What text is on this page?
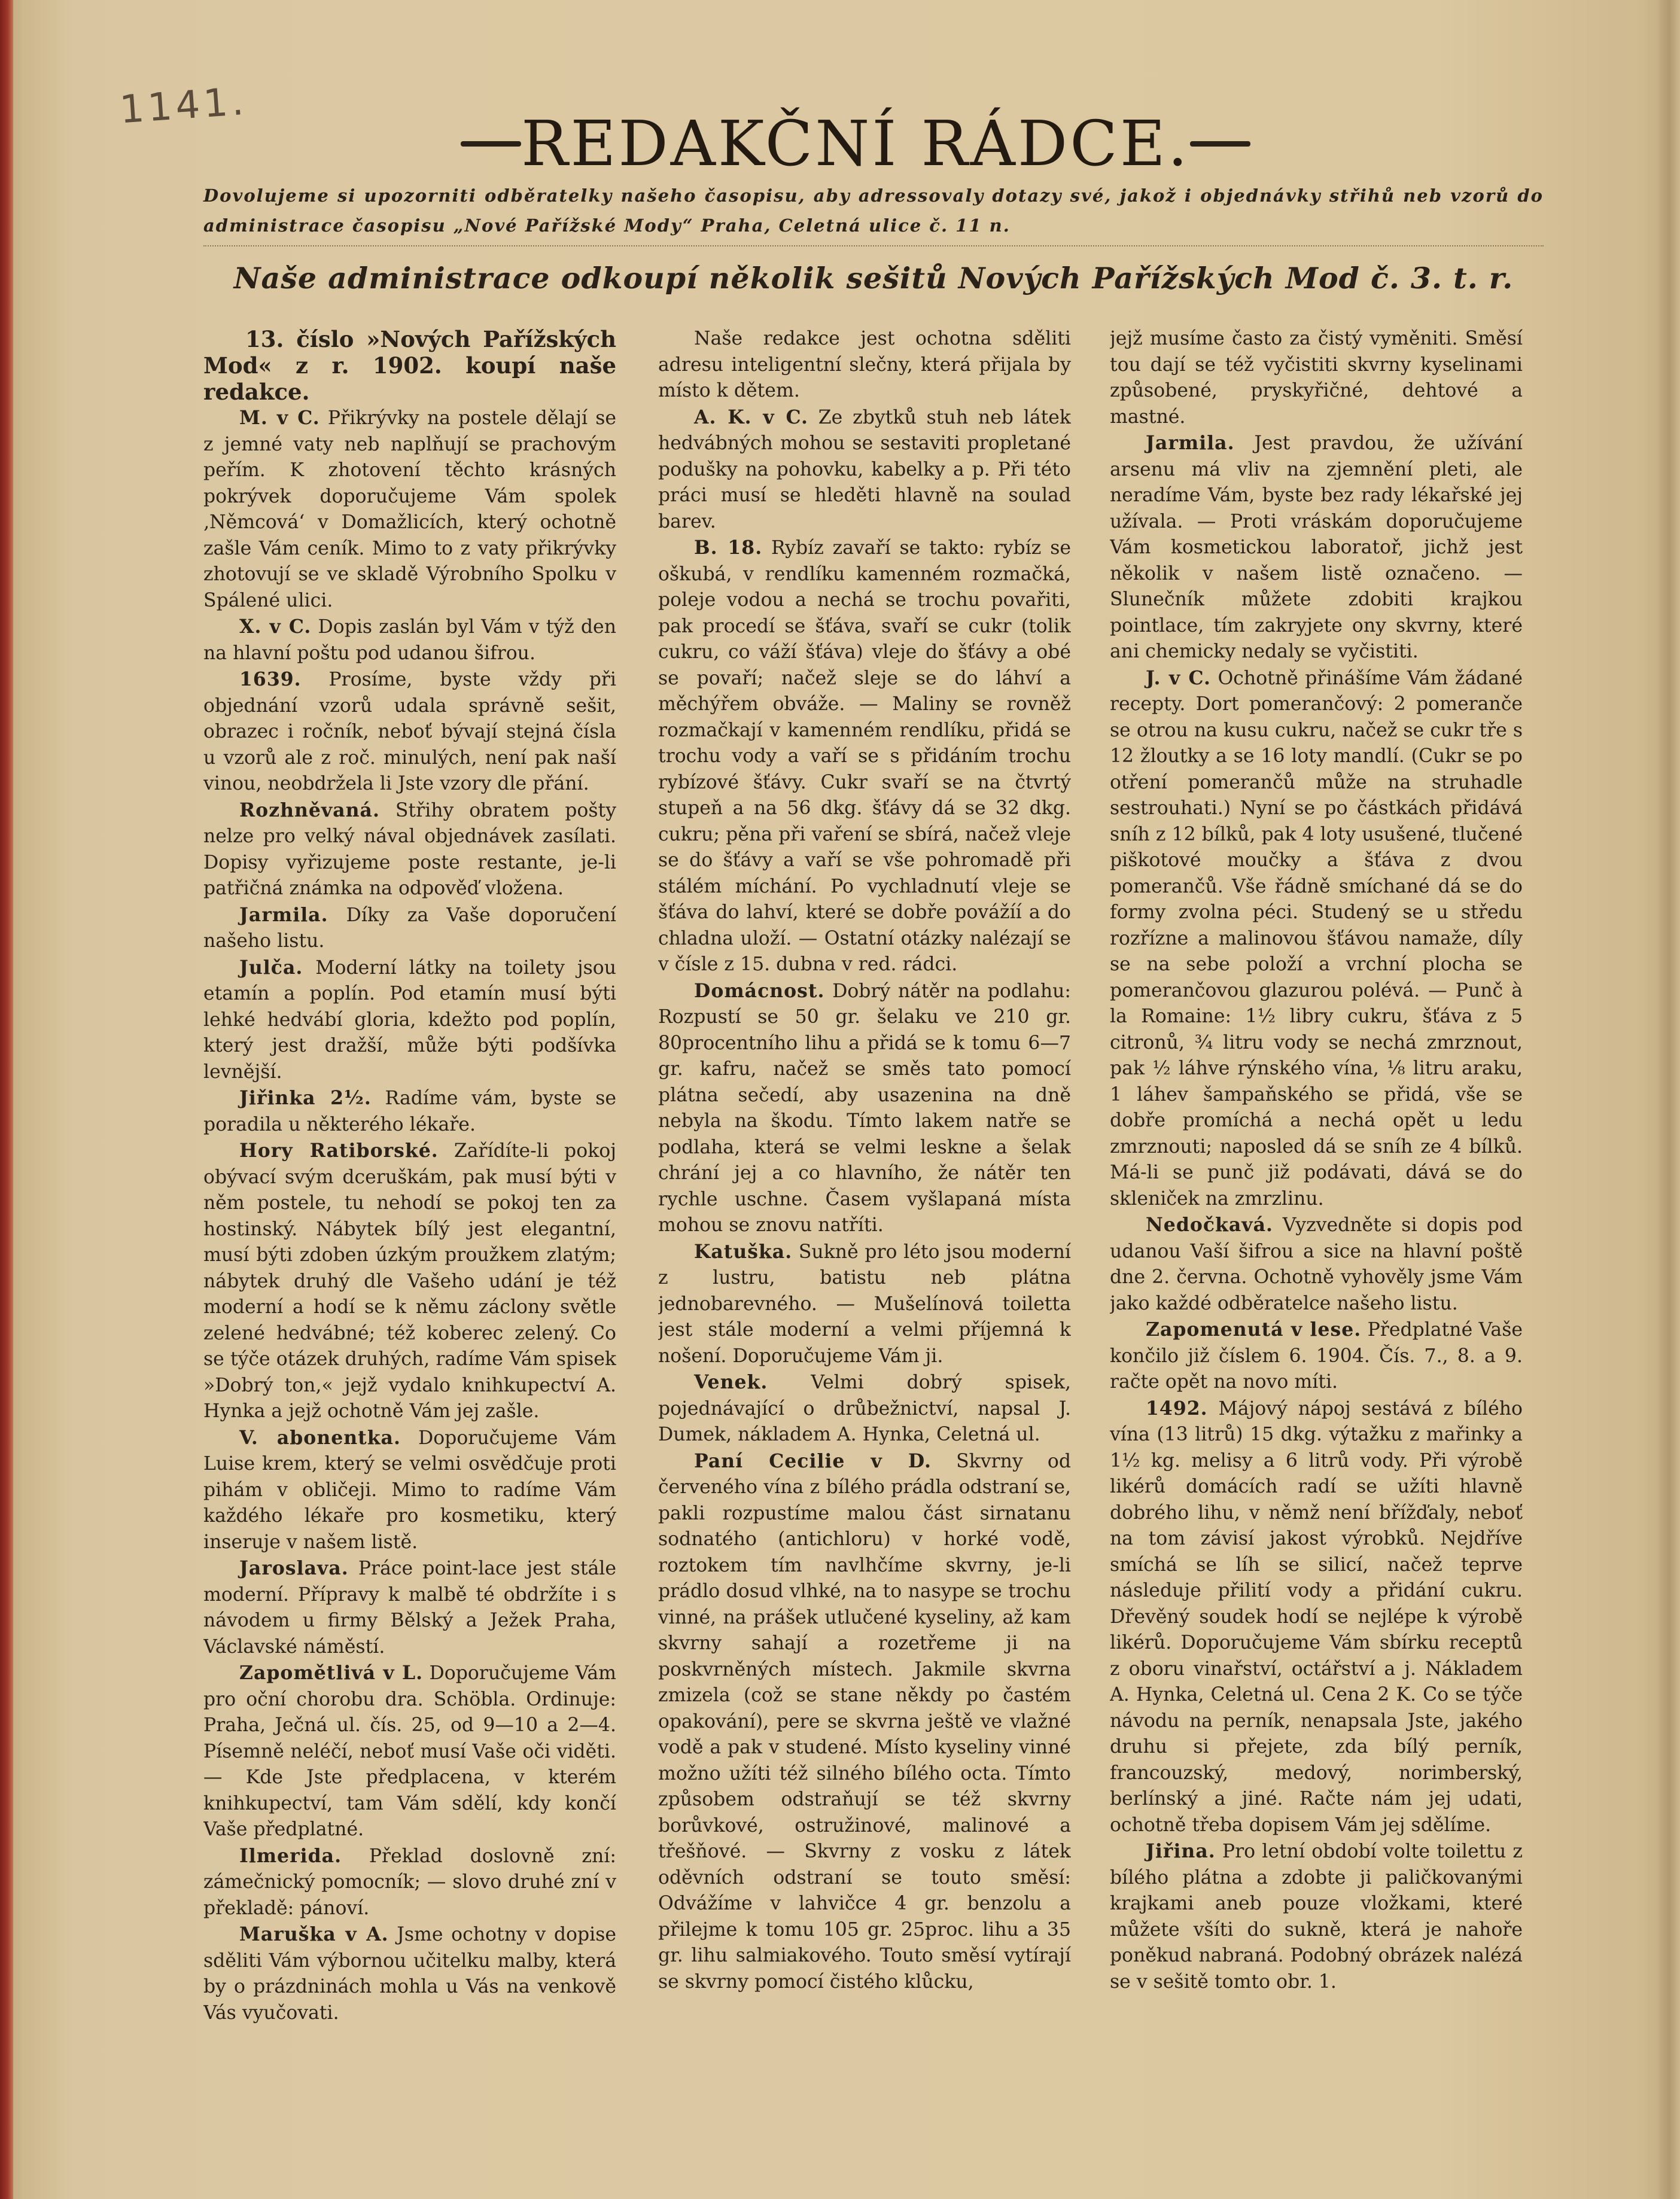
1141.
REDAKČNÍ RÁDCE.
Dovolujeme si upozorniti odběratelky našeho časopisu, aby adressovaly dotazy své, jakož i objednávky střihů neb vzorů do administrace časopisu „Nové Pařížské Mody“ Praha, Celetná ulice č. 11 n.
Naše administrace odkoupí několik sešitů Nových Pařížských Mod č. 3. t. r.

13. číslo »Nových Pařížských Mod« z r. 1902. koupí naše redakce.

M. v C. Přikrývky na postele dělají se z jemné vaty neb naplňují se prachovým peřím. K zhotovení těchto krásných pokrývek doporučujeme Vám spolek ‚Němcová‘ v Domažlicích, který ochotně zašle Vám ceník. Mimo to z vaty přikrývky zhotovují se ve skladě Výrobního Spolku v Spálené ulici.

X. v C. Dopis zaslán byl Vám v týž den na hlavní poštu pod udanou šifrou.

1639. Prosíme, byste vždy při objednání vzorů udala správně sešit, obrazec i ročník, neboť bývají stejná čísla u vzorů ale z roč. minulých, není pak naší vinou, neobdržela li Jste vzory dle přání.

Rozhněvaná. Střihy obratem pošty nelze pro velký nával objednávek zasílati. Dopisy vyřizujeme poste restante, je-li patřičná známka na odpověď vložena.

Jarmila. Díky za Vaše doporučení našeho listu.

Julča. Moderní látky na toilety jsou etamín a poplín. Pod etamín musí býti lehké hedvábí gloria, kdežto pod poplín, který jest dražší, může býti podšívka levnější.

Jiřinka 2½. Radíme vám, byste se poradila u některého lékaře.

Hory Ratiborské. Zařídíte-li pokoj obývací svým dceruškám, pak musí býti v něm postele, tu nehodí se pokoj ten za hostinský. Nábytek bílý jest elegantní, musí býti zdoben úzkým proužkem zlatým; nábytek druhý dle Vašeho udání je též moderní a hodí se k němu záclony světle zelené hedvábné; též koberec zelený. Co se týče otázek druhých, radíme Vám spisek »Dobrý ton,« jejž vydalo knihkupectví A. Hynka a jejž ochotně Vám jej zašle.

V. abonentka. Doporučujeme Vám Luise krem, který se velmi osvědčuje proti pihám v obličeji. Mimo to radíme Vám každého lékaře pro kosmetiku, který inseruje v našem listě.

Jaroslava. Práce point-lace jest stále moderní. Přípravy k malbě té obdržíte i s návodem u firmy Bělský a Ježek Praha, Václavské náměstí.

Zapomětlivá v L. Doporučujeme Vám pro oční chorobu dra. Schöbla. Ordinuje: Praha, Ječná ul. čís. 25, od 9—10 a 2—4. Písemně neléčí, neboť musí Vaše oči viděti. — Kde Jste předplacena, v kterém knihkupectví, tam Vám sdělí, kdy končí Vaše předplatné.

Ilmerida. Překlad doslovně zní: zámečnický pomocník; — slovo druhé zní v překladě: pánoví.

Maruška v A. Jsme ochotny v dopise sděliti Vám výbornou učitelku malby, která by o prázdninách mohla u Vás na venkově Vás vyučovati.

Naše redakce jest ochotna sděliti adresu inteligentní slečny, která přijala by místo k dětem.

A. K. v C. Ze zbytků stuh neb látek hedvábných mohou se sestaviti propletané podušky na pohovku, kabelky a p. Při této práci musí se hleděti hlavně na soulad barev.

B. 18. Rybíz zavaří se takto: rybíz se oškubá, v rendlíku kamenném rozmačká, poleje vodou a nechá se trochu povařiti, pak procedí se šťáva, svaří se cukr (tolik cukru, co váží šťáva) vleje do šťávy a obé se povaří; načež sleje se do láhví a měchýřem obváže. — Maliny se rovněž rozmačkají v kamenném rendlíku, přidá se trochu vody a vaří se s přidáním trochu rybízové šťávy. Cukr svaří se na čtvrtý stupeň a na 56 dkg. šťávy dá se 32 dkg. cukru; pěna při vaření se sbírá, načež vleje se do šťávy a vaří se vše pohromadě při stálém míchání. Po vychladnutí vleje se šťáva do lahví, které se dobře povážíí a do chladna uloží. — Ostatní otázky nalézají se v čísle z 15. dubna v red. rádci.

Domácnost. Dobrý nátěr na podlahu: Rozpustí se 50 gr. šelaku ve 210 gr. 80procentního lihu a přidá se k tomu 6—7 gr. kafru, načež se směs tato pomocí plátna sečedí, aby usazenina na dně nebyla na škodu. Tímto lakem natře se podlaha, která se velmi leskne a šelak chrání jej a co hlavního, že nátěr ten rychle uschne. Časem vyšlapaná místa mohou se znovu natříti.

Katuška. Sukně pro léto jsou moderní z lustru, batistu neb plátna jednobarevného. — Mušelínová toiletta jest stále moderní a velmi příjemná k nošení. Doporučujeme Vám ji.

Venek. Velmi dobrý spisek, pojednávající o drůbežnictví, napsal J. Dumek, nákladem A. Hynka, Celetná ul.

Paní Cecilie v D. Skvrny od červeného vína z bílého prádla odstraní se, pakli rozpustíme malou část sirnatanu sodnatého (antichloru) v horké vodě, roztokem tím navlhčíme skvrny, je-li prádlo dosud vlhké, na to nasype se trochu vinné, na prášek utlučené kyseliny, až kam skvrny sahají a rozetřeme ji na poskvrněných místech. Jakmile skvrna zmizela (což se stane někdy po častém opakování), pere se skvrna ještě ve vlažné vodě a pak v studené. Místo kyseliny vinné možno užíti též silného bílého octa. Tímto způsobem odstraňují se též skvrny borůvkové, ostružinové, malinové a třešňové. — Skvrny z vosku z látek oděvních odstraní se touto směsí: Odvážíme v lahvičce 4 gr. benzolu a přilejme k tomu 105 gr. 25proc. lihu a 35 gr. lihu salmiakového. Touto směsí vytírají se skvrny pomocí čistého klůcku,

jejž musíme často za čistý vyměniti. Směsí tou dají se též vyčistiti skvrny kyselinami způsobené, pryskyřičné, dehtové a mastné.

Jarmila. Jest pravdou, že užívání arsenu má vliv na zjemnění pleti, ale neradíme Vám, byste bez rady lékařské jej užívala. — Proti vráskám doporučujeme Vám kosmetickou laboratoř, jichž jest několik v našem listě označeno. — Slunečník můžete zdobiti krajkou pointlace, tím zakryjete ony skvrny, které ani chemicky nedaly se vyčistiti.

J. v C. Ochotně přinášíme Vám žádané recepty. Dort pomerančový: 2 pomeranče se otrou na kusu cukru, načež se cukr tře s 12 žloutky a se 16 loty mandlí. (Cukr se po otření pomerančů může na struhadle sestrouhati.) Nyní se po částkách přidává sníh z 12 bílků, pak 4 loty usušené, tlučené piškotové moučky a šťáva z dvou pomerančů. Vše řádně smíchané dá se do formy zvolna péci. Studený se u středu rozřízne a malinovou šťávou namaže, díly se na sebe položí a vrchní plocha se pomerančovou glazurou polévá. — Punč à la Romaine: 1½ libry cukru, šťáva z 5 citronů, ¾ litru vody se nechá zmrznout, pak ½ láhve rýnského vína, ⅛ litru araku, 1 láhev šampaňského se přidá, vše se dobře promíchá a nechá opět u ledu zmrznouti; naposled dá se sníh ze 4 bílků. Má-li se punč již podávati, dává se do skleniček na zmrzlinu.

Nedočkavá. Vyzvedněte si dopis pod udanou Vaší šifrou a sice na hlavní poště dne 2. června. Ochotně vyhověly jsme Vám jako každé odběratelce našeho listu.

Zapomenutá v lese. Předplatné Vaše končilo již číslem 6. 1904. Čís. 7., 8. a 9. račte opět na novo míti.

1492. Májový nápoj sestává z bílého vína (13 litrů) 15 dkg. výtažku z mařinky a 1½ kg. melisy a 6 litrů vody. Při výrobě likérů domácích radí se užíti hlavně dobrého lihu, v němž není břížďaly, neboť na tom závisí jakost výrobků. Nejdříve smíchá se líh se silicí, načež teprve následuje přilití vody a přidání cukru. Dřevěný soudek hodí se nejlépe k výrobě likérů. Doporučujeme Vám sbírku receptů z oboru vinařství, octářství a j. Nákladem A. Hynka, Celetná ul. Cena 2 K. Co se týče návodu na perník, nenapsala Jste, jakého druhu si přejete, zda bílý perník, francouzský, medový, norimberský, berlínský a jiné. Račte nám jej udati, ochotně třeba dopisem Vám jej sdělíme.

Jiřina. Pro letní období volte toilettu z bílého plátna a zdobte ji paličkovanými krajkami aneb pouze vložkami, které můžete všíti do sukně, která je nahoře poněkud nabraná. Podobný obrázek nalézá se v sešitě tomto obr. 1.
